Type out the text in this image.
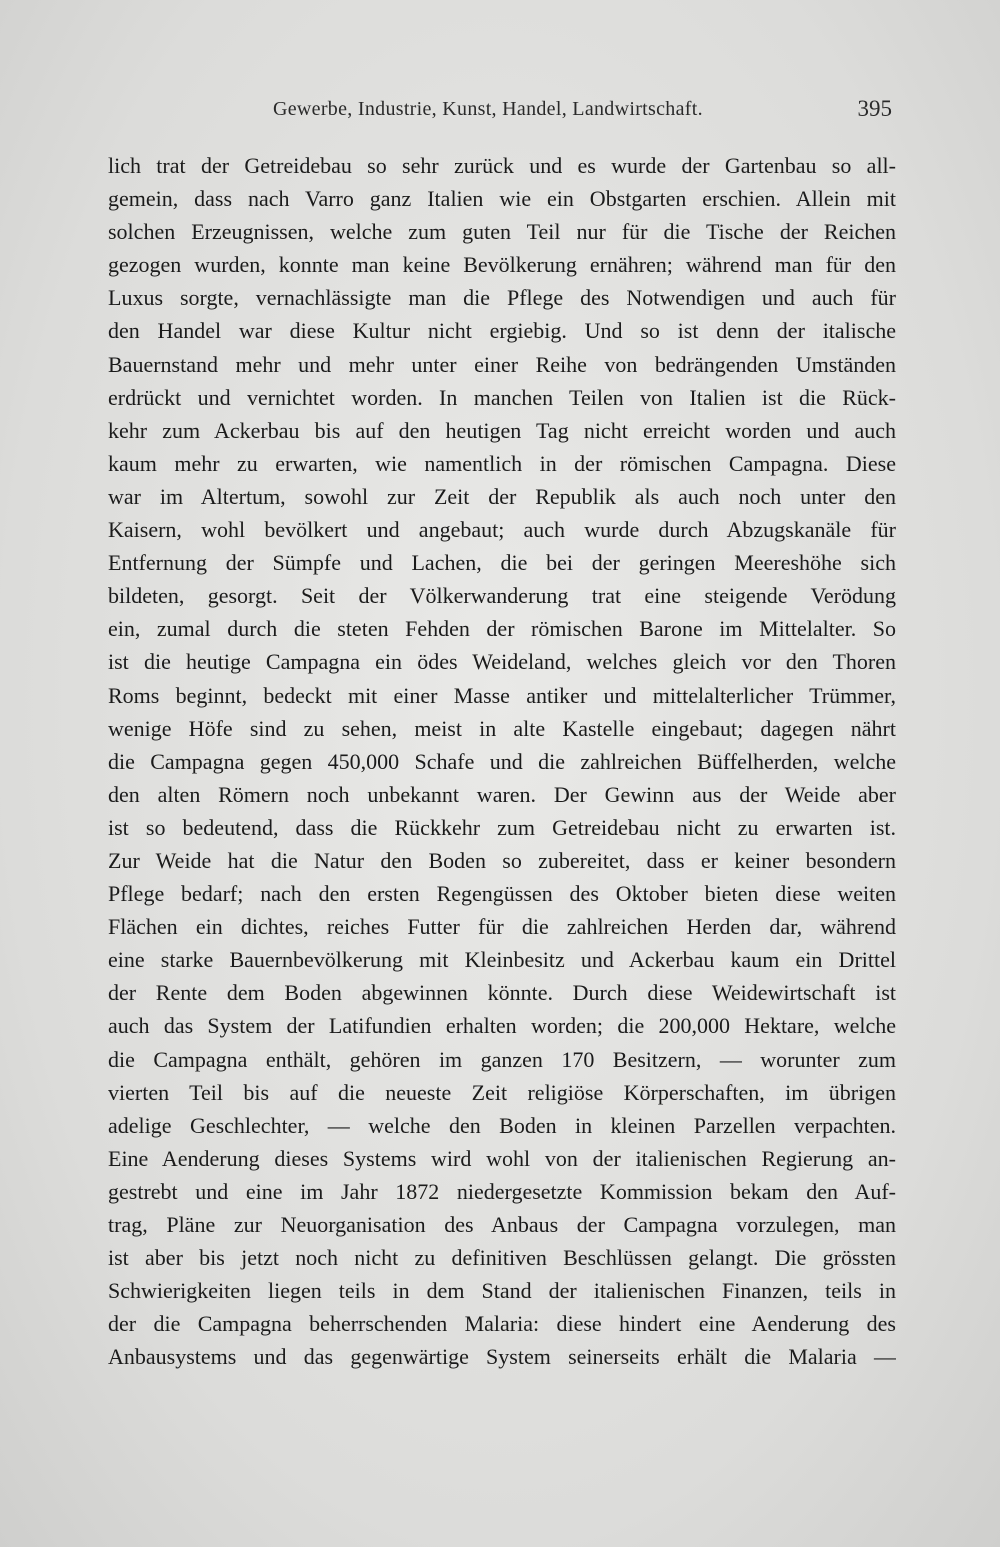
Gewerbe, Industrie, Kunst, Handel, Landwirtschaft.	395
lich trat der Getreidebau so sehr zurück und es wurde der Gartenbau so all-
gemein, dass nach Varro ganz Italien wie ein Obstgarten erschien. Allein mit
solchen Erzeugnissen, welche zum guten Teil nur für die Tische der Reichen
gezogen wurden, konnte man keine Bevölkerung ernähren; während man für den
Luxus sorgte, vernachlässigte man die Pflege des Notwendigen und auch für
den Handel war diese Kultur nicht ergiebig. Und so ist denn der italische
Bauernstand mehr und mehr unter einer Reihe von bedrängenden Umständen
erdrückt und vernichtet worden. In manchen Teilen von Italien ist die Rück-
kehr zum Ackerbau bis auf den heutigen Tag nicht erreicht worden und auch
kaum mehr zu erwarten, wie namentlich in der römischen Campagna. Diese
war im Altertum, sowohl zur Zeit der Republik als auch noch unter den
Kaisern, wohl bevölkert und angebaut; auch wurde durch Abzugskanäle für
Entfernung der Sümpfe und Lachen, die bei der geringen Meereshöhe sich
bildeten, gesorgt. Seit der Völkerwanderung trat eine steigende Verödung
ein, zumal durch die steten Fehden der römischen Barone im Mittelalter. So
ist die heutige Campagna ein ödes Weideland, welches gleich vor den Thoren
Roms beginnt, bedeckt mit einer Masse antiker und mittelalterlicher Trümmer,
wenige Höfe sind zu sehen, meist in alte Kastelle eingebaut; dagegen nährt
die Campagna gegen 450,000 Schafe und die zahlreichen Büffelherden, welche
den alten Römern noch unbekannt waren. Der Gewinn aus der Weide aber
ist so bedeutend, dass die Rückkehr zum Getreidebau nicht zu erwarten ist.
Zur Weide hat die Natur den Boden so zubereitet, dass er keiner besondern
Pflege bedarf; nach den ersten Regengüssen des Oktober bieten diese weiten
Flächen ein dichtes, reiches Futter für die zahlreichen Herden dar, während
eine starke Bauernbevölkerung mit Kleinbesitz und Ackerbau kaum ein Drittel
der Rente dem Boden abgewinnen könnte. Durch diese Weidewirtschaft ist
auch das System der Latifundien erhalten worden; die 200,000 Hektare, welche
die Campagna enthält, gehören im ganzen 170 Besitzern, — worunter zum
vierten Teil bis auf die neueste Zeit religiöse Körperschaften, im übrigen
adelige Geschlechter, — welche den Boden in kleinen Parzellen verpachten.
Eine Aenderung dieses Systems wird wohl von der italienischen Regierung an-
gestrebt und eine im Jahr 1872 niedergesetzte Kommission bekam den Auf-
trag, Pläne zur Neuorganisation des Anbaus der Campagna vorzulegen, man
ist aber bis jetzt noch nicht zu definitiven Beschlüssen gelangt. Die grössten
Schwierigkeiten liegen teils in dem Stand der italienischen Finanzen, teils in
der die Campagna beherrschenden Malaria: diese hindert eine Aenderung des
Anbausystems und das gegenwärtige System seinerseits erhält die Malaria —
